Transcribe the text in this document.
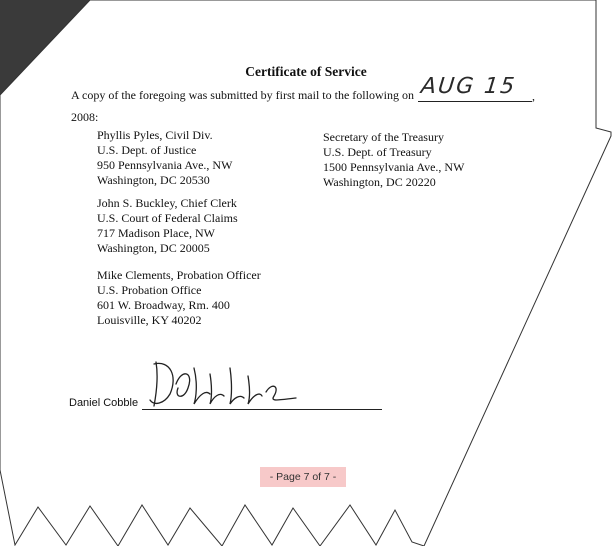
Certificate of Service
A copy of the foregoing was submitted by first mail to the following on AUG 15 ,
2008:
Phyllis Pyles, Civil Div.
U.S. Dept. of Justice
950 Pennsylvania Ave., NW
Washington, DC 20530
John S. Buckley, Chief Clerk
U.S. Court of Federal Claims
717 Madison Place, NW
Washington, DC 20005
Mike Clements, Probation Officer
U.S. Probation Office
601 W. Broadway, Rm. 400
Louisville, KY 40202
Secretary of the Treasury
U.S. Dept. of Treasury
1500 Pennsylvania Ave., NW
Washington, DC 20220
Daniel Cobble
- Page 7 of 7 -
